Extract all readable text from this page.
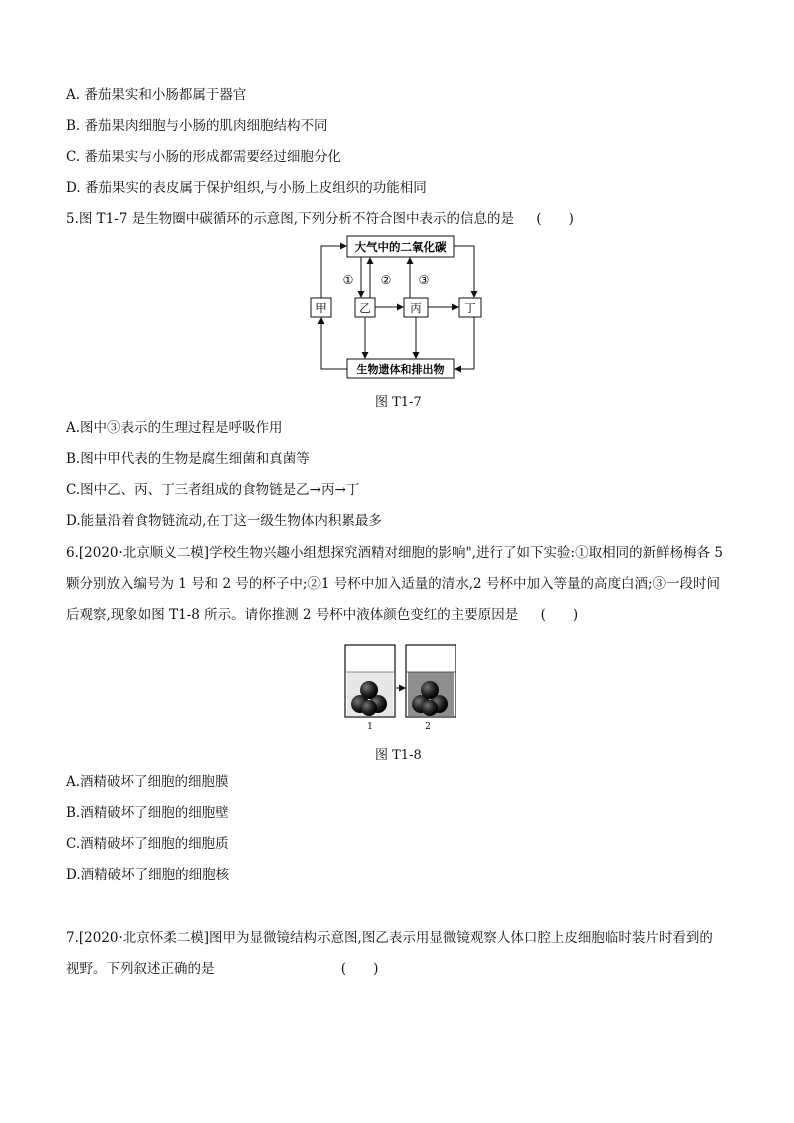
A. 番茄果实和小肠都属于器官
B. 番茄果肉细胞与小肠的肌肉细胞结构不同
C. 番茄果实与小肠的形成都需要经过细胞分化
D. 番茄果实的表皮属于保护组织,与小肠上皮组织的功能相同
5.图 T1-7 是生物圈中碳循环的示意图,下列分析不符合图中表示的信息的是 (　　)
大气中的二氧化碳
生物遗体和排出物
甲	乙	丙	丁
① ② ③
图 T1-7
A.图中③表示的生理过程是呼吸作用
B.图中甲代表的生物是腐生细菌和真菌等
C.图中乙、丙、丁三者组成的食物链是乙→丙→丁
D.能量沿着食物链流动,在丁这一级生物体内积累最多
6.[2020·北京顺义二模]学校生物兴趣小组想探究酒精对细胞的影响",进行了如下实验:①取相同的新鲜杨梅各 5
颗分别放入编号为 1 号和 2 号的杯子中;②1 号杯中加入适量的清水,2 号杯中加入等量的高度白酒;③一段时间
后观察,现象如图 T1-8 所示。请你推测 2 号杯中液体颜色变红的主要原因是 (　　)
1	2
图 T1-8
A.酒精破坏了细胞的细胞膜
B.酒精破坏了细胞的细胞壁
C.酒精破坏了细胞的细胞质
D.酒精破坏了细胞的细胞核
7.[2020·北京怀柔二模]图甲为显微镜结构示意图,图乙表示用显微镜观察人体口腔上皮细胞临时装片时看到的
视野。下列叙述正确的是	(　　)
